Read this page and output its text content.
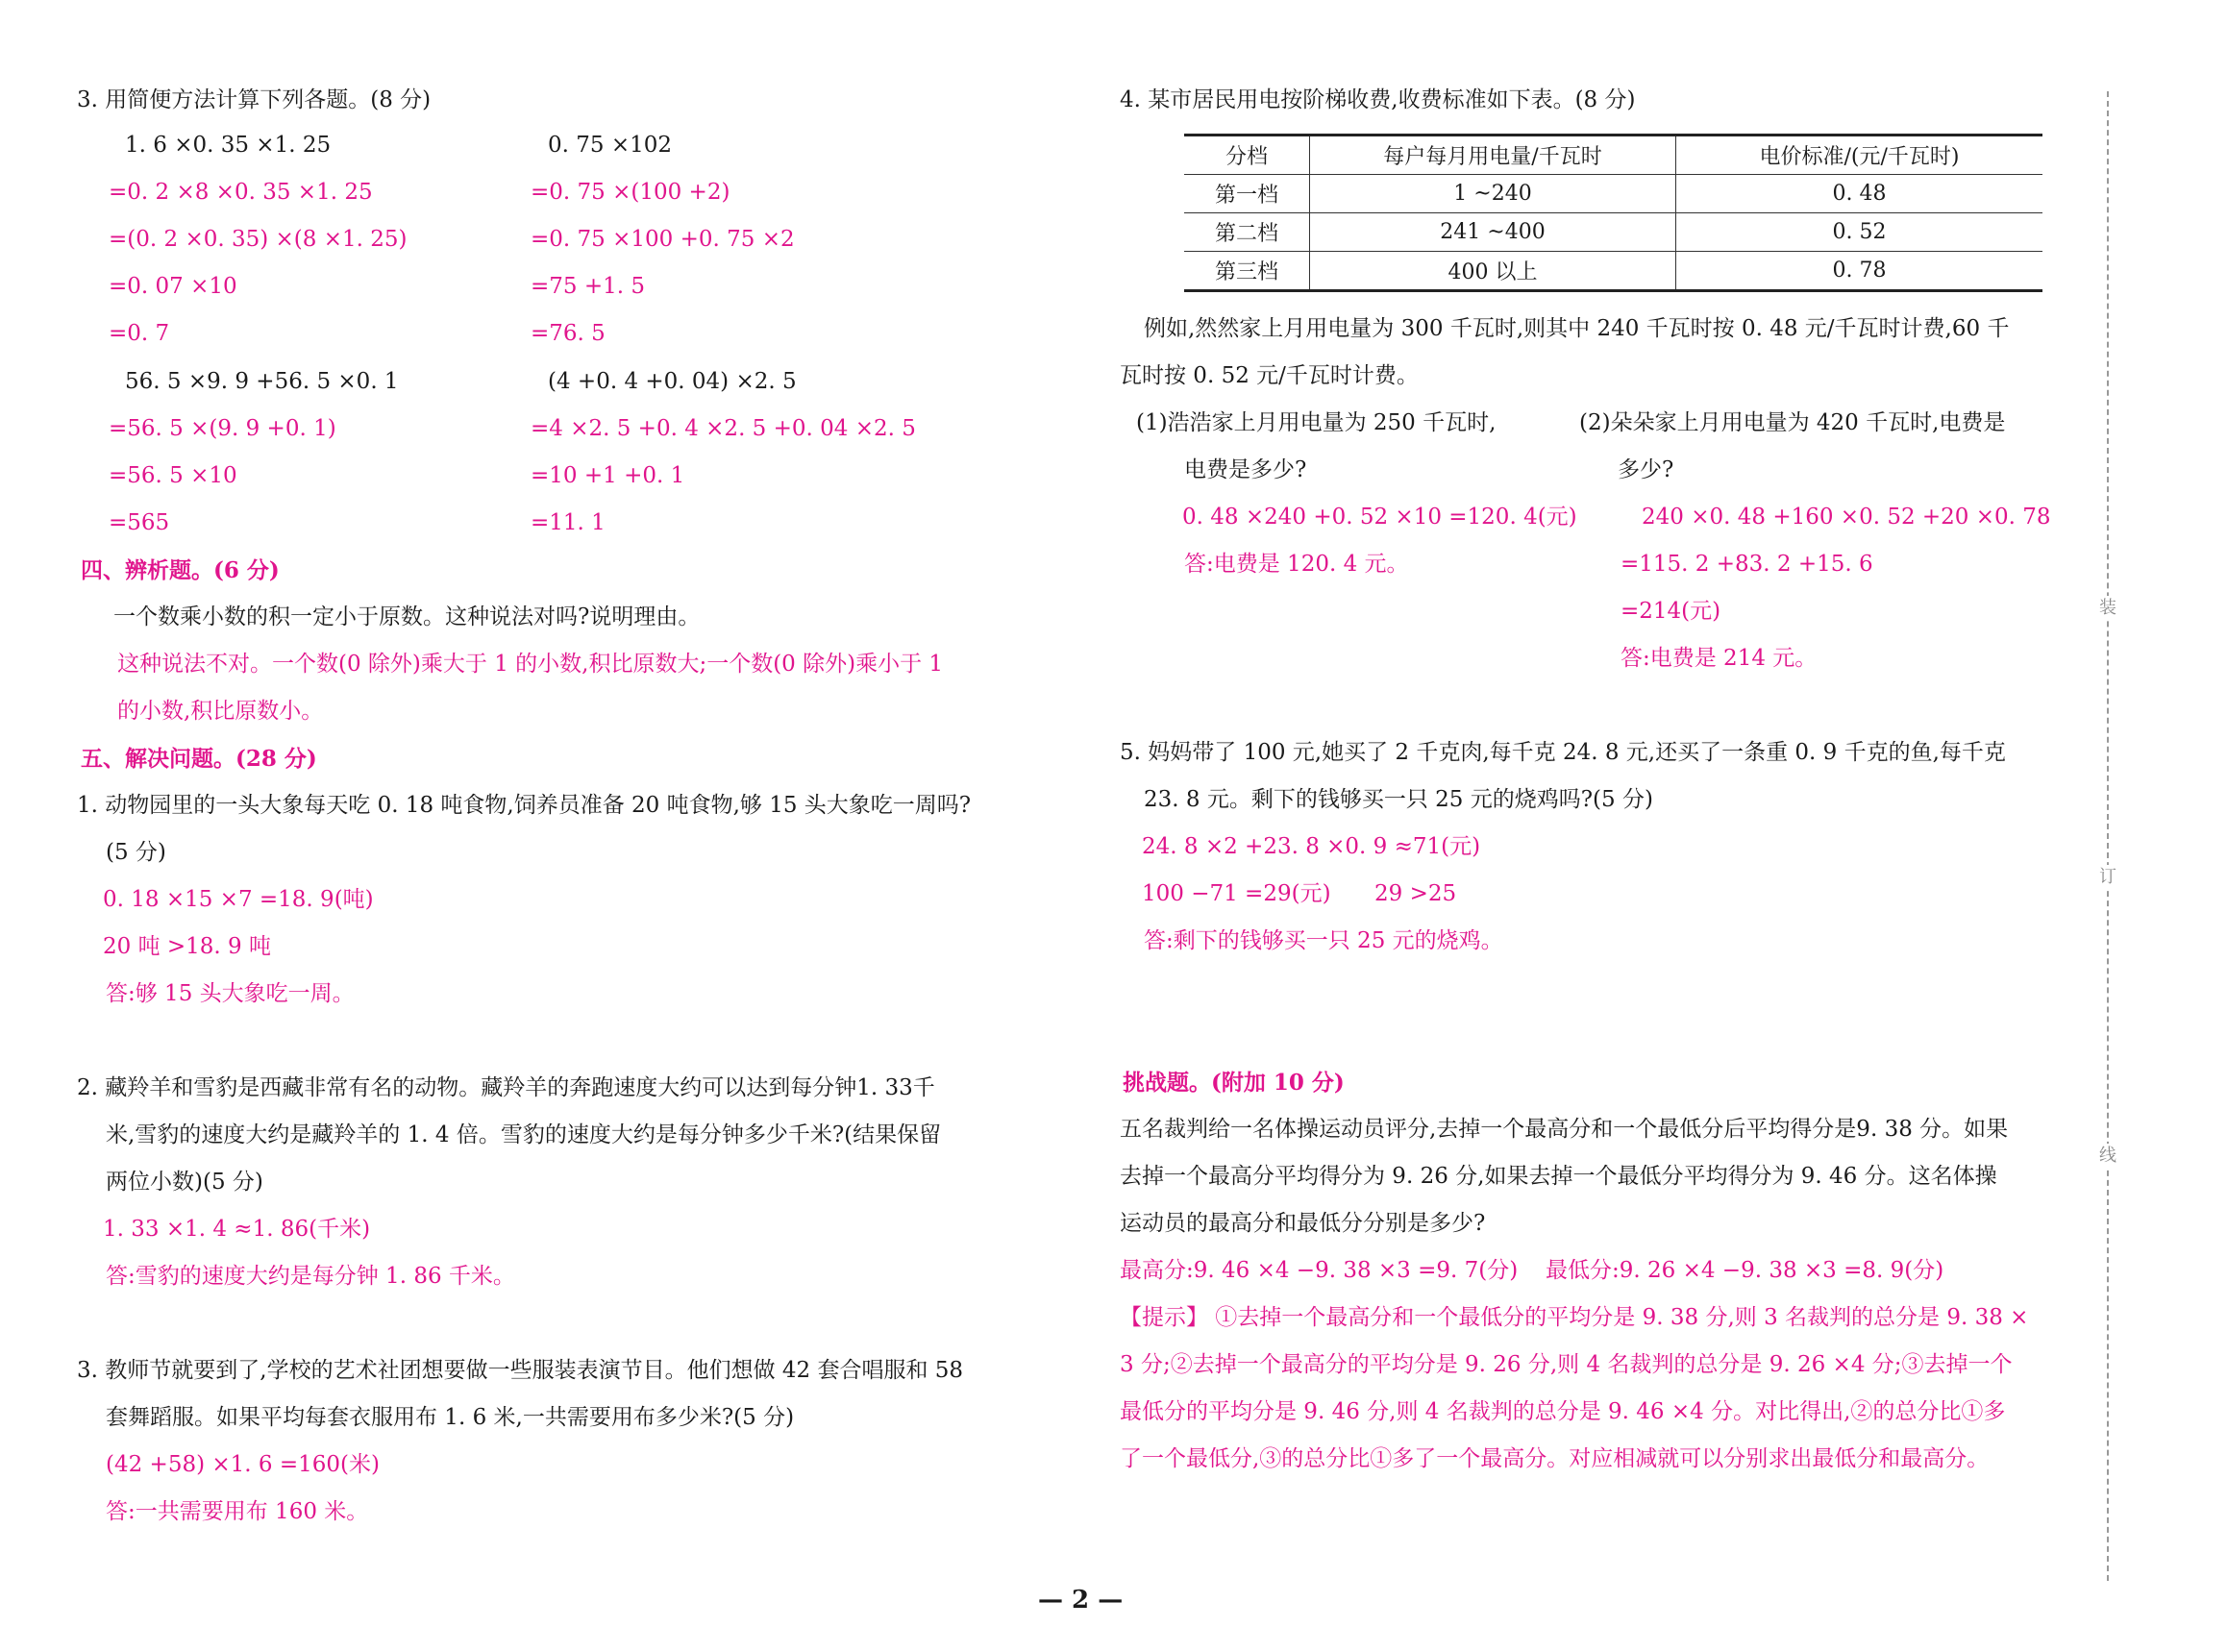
3. 用简便方法计算下列各题。(8 分)
1. 6 ×0. 35 ×1. 25
=0. 2 ×8 ×0. 35 ×1. 25
=(0. 2 ×0. 35) ×(8 ×1. 25)
=0. 07 ×10
=0. 7
0. 75 ×102
=0. 75 ×(100 +2)
=0. 75 ×100 +0. 75 ×2
=75 +1. 5
=76. 5
56. 5 ×9. 9 +56. 5 ×0. 1
=56. 5 ×(9. 9 +0. 1)
=56. 5 ×10
=565
(4 +0. 4 +0. 04) ×2. 5
=4 ×2. 5 +0. 4 ×2. 5 +0. 04 ×2. 5
=10 +1 +0. 1
=11. 1
四、辨析题。(6 分)
一个数乘小数的积一定小于原数。这种说法对吗?说明理由。
这种说法不对。一个数(0 除外)乘大于 1 的小数,积比原数大;一个数(0 除外)乘小于 1
的小数,积比原数小。
五、解决问题。(28 分)
1. 动物园里的一头大象每天吃 0. 18 吨食物,饲养员准备 20 吨食物,够 15 头大象吃一周吗?
(5 分)
0. 18 ×15 ×7 =18. 9(吨)
20 吨 >18. 9 吨
答:够 15 头大象吃一周。
2. 藏羚羊和雪豹是西藏非常有名的动物。藏羚羊的奔跑速度大约可以达到每分钟1. 33千
米,雪豹的速度大约是藏羚羊的 1. 4 倍。雪豹的速度大约是每分钟多少千米?(结果保留
两位小数)(5 分)
1. 33 ×1. 4 ≈1. 86(千米)
答:雪豹的速度大约是每分钟 1. 86 千米。
3. 教师节就要到了,学校的艺术社团想要做一些服装表演节目。他们想做 42 套合唱服和 58
套舞蹈服。如果平均每套衣服用布 1. 6 米,一共需要用布多少米?(5 分)
(42 +58) ×1. 6 =160(米)
答:一共需要用布 160 米。
4. 某市居民用电按阶梯收费,收费标准如下表。(8 分)
分档	每户每月用电量/千瓦时	电价标准/(元/千瓦时)
第一档	1 ~240	0. 48
第二档	241 ~400	0. 52
第三档	400 以上	0. 78
例如,然然家上月用电量为 300 千瓦时,则其中 240 千瓦时按 0. 48 元/千瓦时计费,60 千
瓦时按 0. 52 元/千瓦时计费。
(1)浩浩家上月用电量为 250 千瓦时,
电费是多少?
0. 48 ×240 +0. 52 ×10 =120. 4(元)
答:电费是 120. 4 元。
(2)朵朵家上月用电量为 420 千瓦时,电费是
多少?
240 ×0. 48 +160 ×0. 52 +20 ×0. 78
=115. 2 +83. 2 +15. 6
=214(元)
答:电费是 214 元。
5. 妈妈带了 100 元,她买了 2 千克肉,每千克 24. 8 元,还买了一条重 0. 9 千克的鱼,每千克
23. 8 元。剩下的钱够买一只 25 元的烧鸡吗?(5 分)
24. 8 ×2 +23. 8 ×0. 9 ≈71(元)
100 −71 =29(元) 29 >25
答:剩下的钱够买一只 25 元的烧鸡。
挑战题。(附加 10 分)
五名裁判给一名体操运动员评分,去掉一个最高分和一个最低分后平均得分是9. 38 分。如果
去掉一个最高分平均得分为 9. 26 分,如果去掉一个最低分平均得分为 9. 46 分。这名体操
运动员的最高分和最低分分别是多少?
最高分:9. 46 ×4 −9. 38 ×3 =9. 7(分) 最低分:9. 26 ×4 −9. 38 ×3 =8. 9(分)
【提示】 ①去掉一个最高分和一个最低分的平均分是 9. 38 分,则 3 名裁判的总分是 9. 38 ×
3 分;②去掉一个最高分的平均分是 9. 26 分,则 4 名裁判的总分是 9. 26 ×4 分;③去掉一个
最低分的平均分是 9. 46 分,则 4 名裁判的总分是 9. 46 ×4 分。对比得出,②的总分比①多
了一个最低分,③的总分比①多了一个最高分。对应相减就可以分别求出最低分和最高分。
装
订
线
— 2 —
